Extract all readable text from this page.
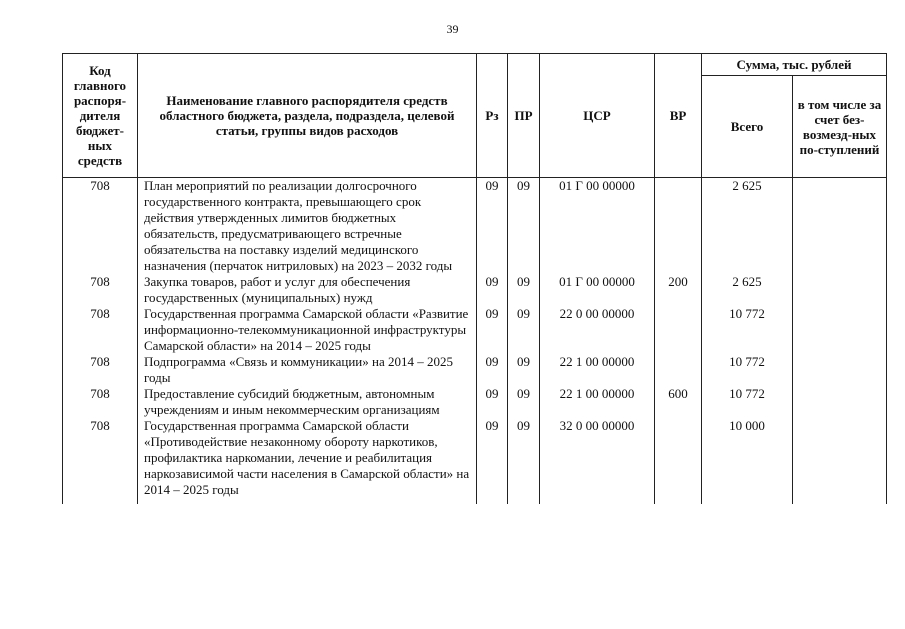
39
Код главного распоря-дителя бюджет-ных средств	Наименование главного распорядителя средств областного бюджета, раздела, подраздела, целевой статьи, группы видов расходов	Рз	ПР	ЦСР	ВР	Сумма, тыс. рублей	
						Всего	в том числе за счет без-возмезд-ных по-ступлений
708	План мероприятий по реализации долгосрочного государственного контракта, превышающего срок действия утвержденных лимитов бюджетных обязательств, предусматривающего встречные обязательства на поставку изделий медицинского назначения (перчаток нитриловых) на 2023 – 2032 годы	09	09	01 Г 00 00000		2 625	
708	Закупка товаров, работ и услуг для обеспечения государственных (муниципальных) нужд	09	09	01 Г 00 00000	200	2 625	
708	Государственная программа Самарской области «Развитие информационно-телекоммуникационной инфраструктуры Самарской области» на 2014 – 2025 годы	09	09	22 0 00 00000		10 772	
708	Подпрограмма «Связь и коммуникации» на 2014 – 2025 годы	09	09	22 1 00 00000		10 772	
708	Предоставление субсидий бюджетным, автономным учреждениям и иным некоммерческим организациям	09	09	22 1 00 00000	600	10 772	
708	Государственная программа Самарской области «Противодействие незаконному обороту наркотиков, профилактика наркомании, лечение и реабилитация наркозависимой части населения в Самарской области» на 2014 – 2025 годы	09	09	32 0 00 00000		10 000	
